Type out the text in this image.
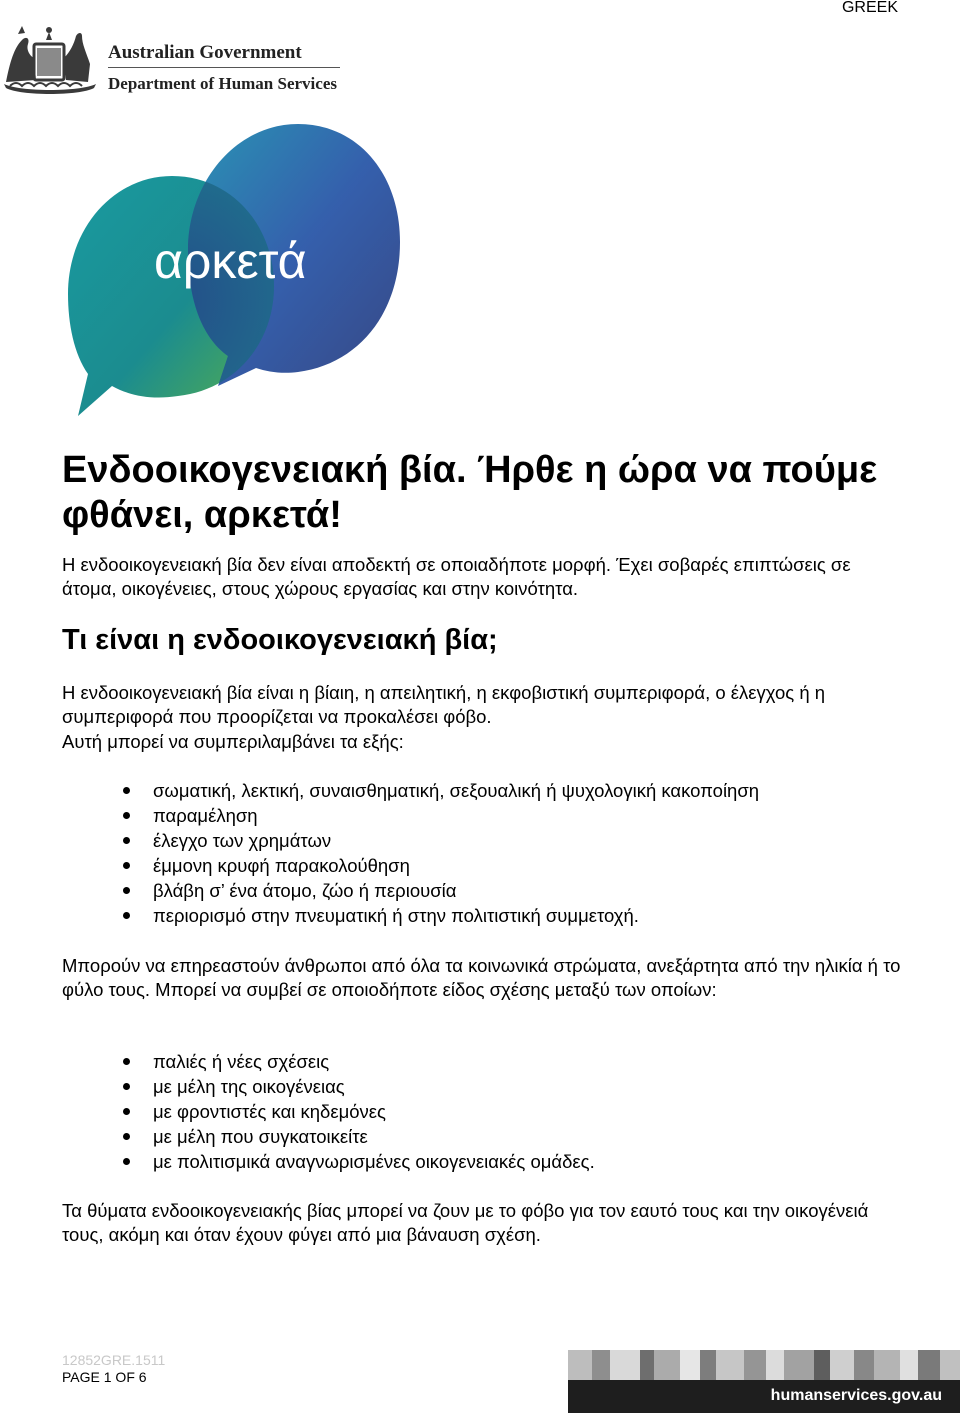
GREEK
Australian Government
Department of Human Services
αρκετά
Ενδοοικογενειακή βία. Ήρθε η ώρα να πούμε φθάνει, αρκετά!

Η ενδοοικογενειακή βία δεν είναι αποδεκτή σε οποιαδήποτε μορφή. Έχει σοβαρές επιπτώσεις σε άτομα, οικογένειες, στους χώρους εργασίας και στην κοινότητα.

Τι είναι η ενδοοικογενειακή βία;

Η ενδοοικογενειακή βία είναι η βίαιη, η απειλητική, η εκφοβιστική συμπεριφορά, ο έλεγχος ή η συμπεριφορά που προορίζεται να προκαλέσει φόβο.

Αυτή μπορεί να συμπεριλαμβάνει τα εξής:

σωματική, λεκτική, συναισθηματική, σεξουαλική ή ψυχολογική κακοποίηση
παραμέληση
έλεγχο των χρημάτων
έμμονη κρυφή παρακολούθηση
βλάβη σ’ ένα άτομο, ζώο ή περιουσία
περιορισμό στην πνευματική ή στην πολιτιστική συμμετοχή.

Μπορούν να επηρεαστούν άνθρωποι από όλα τα κοινωνικά στρώματα, ανεξάρτητα από την ηλικία ή το φύλο τους. Μπορεί να συμβεί σε οποιοδήποτε είδος σχέσης μεταξύ των οποίων:

παλιές ή νέες σχέσεις
με μέλη της οικογένειας
με φροντιστές και κηδεμόνες
με μέλη που συγκατοικείτε
με πολιτισμικά αναγνωρισμένες οικογενειακές ομάδες.

Τα θύματα ενδοοικογενειακής βίας μπορεί να ζουν με το φόβο για τον εαυτό τους και την οικογένειά τους, ακόμη και όταν έχουν φύγει από μια βάναυση σχέση.

12852GRE.1511
PAGE 1 OF 6
humanservices.gov.au
